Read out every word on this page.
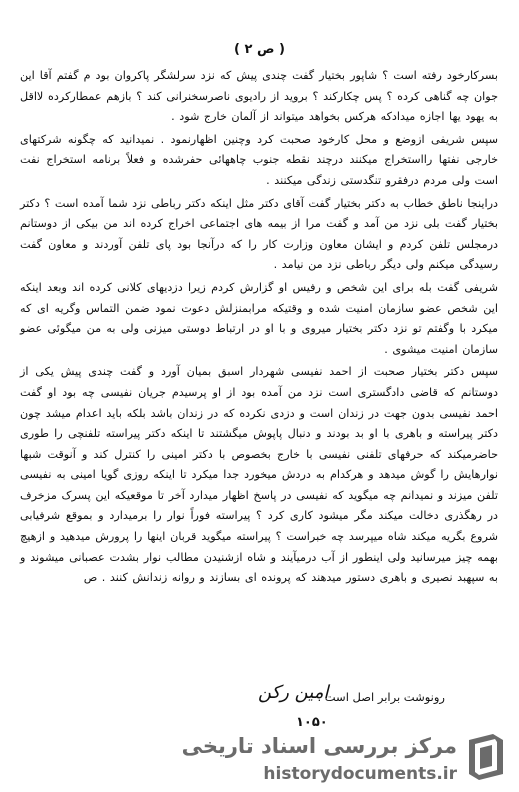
( ص ٢ )

بسرکارخود رفته است ؟ شاپور بختیار گفت چندی پیش که نزد سرلشگر پاکروان بود م گفتم آقا این جوان چه گناهی کرده ؟ پس چکارکند ؟ بروید از رادیوی ناصرسخنرانی کند ؟ بازهم عمطارکرده لااقل به یهود یها اجازه میدادکه هرکس بخواهد میتواند از آلمان خارج شود .

سپس شریفی ازوضع و محل کارخود صحبت کرد وچنین اظهارنمود . نمیدانید که چگونه شرکتهای خارجی نفتها رااستخراج میکنند درچند نقطه جنوب چاههائی حفرشده و فعلاً برنامه استخراج نفت است ولی مردم درفقرو تنگدستی زندگی میکنند .

دراینجا ناطق خطاب به دکتر بختیار گفت آقای دکتر مثل اینکه دکتر رباطی نزد شما آمده است ؟ دکتر بختیار گفت بلی نزد من آمد و گفت مرا از بیمه های اجتماعی اخراج کرده اند من بیکی از دوستانم درمجلس تلفن کردم و ایشان معاون وزارت کار را که درآنجا بود پای تلفن آوردند و معاون گفت رسیدگی میکنم ولی دیگر رباطی نزد من نیامد .

شریفی گفت بله برای این شخص و رفیس او گزارش کردم زیرا دزدیهای کلانی کرده اند وبعد اینکه این شخص عضو سازمان امنیت شده و وقتیکه مرابمنزلش دعوت نمود ضمن التماس وگریه ای که میکرد با وگفتم تو نزد دکتر بختیار میروی و با او در ارتباط دوستی میزنی ولی به من میگوئی عضو سازمان امنیت میشوی .

سپس دکتر بختیار صحبت از احمد نفیسی شهردار اسبق بمیان آورد و گفت چندی پیش یکی از دوستانم که قاضی دادگستری است نزد من آمده بود از او پرسیدم جریان نفیسی چه بود او گفت احمد نفیسی بدون جهت در زندان است و دزدی نکرده که در زندان باشد بلکه باید اعدام میشد چون دکتر پیراسته و باهری با او بد بودند و دنبال پاپوش میگشتند تا اینکه دکتر پیراسته تلفنچی را طوری حاضرمیکند که حرفهای تلفنی نفیسی با خارج بخصوص با دکتر امینی را کنترل کند و آنوقت شبها نوارهایش را گوش میدهد و هرکدام به دردش میخورد جدا میکرد تا اینکه روزی گویا امینی به نفیسی تلفن میزند و نمیدانم چه میگوید که نفیسی در پاسخ اظهار میدارد آخر تا موقعیکه این پسرک مزخرف در رهگذری دخالت میکند مگر میشود کاری کرد ؟ پیراسته فوراً نوار را برمیدارد و بموقع شرفیابی شروع بگریه میکند شاه میپرسد چه خبراست ؟ پیراسته میگوید قربان اینها را پرورش میدهید و ازهیچ بهمه چیز میرسانید ولی اینطور از آب درمیآیند و شاه ازشنیدن مطالب نوار بشدت عصبانی میشوند و به سپهبد نصیری و باهری دستور میدهند که پرونده ای بسازند و روانه زندانش کنند . ص

رونوشت برابر اصل است .
امین رکن
۱۰۵۰
مرکز بررسی اسناد تاریخی
historydocuments.ir
